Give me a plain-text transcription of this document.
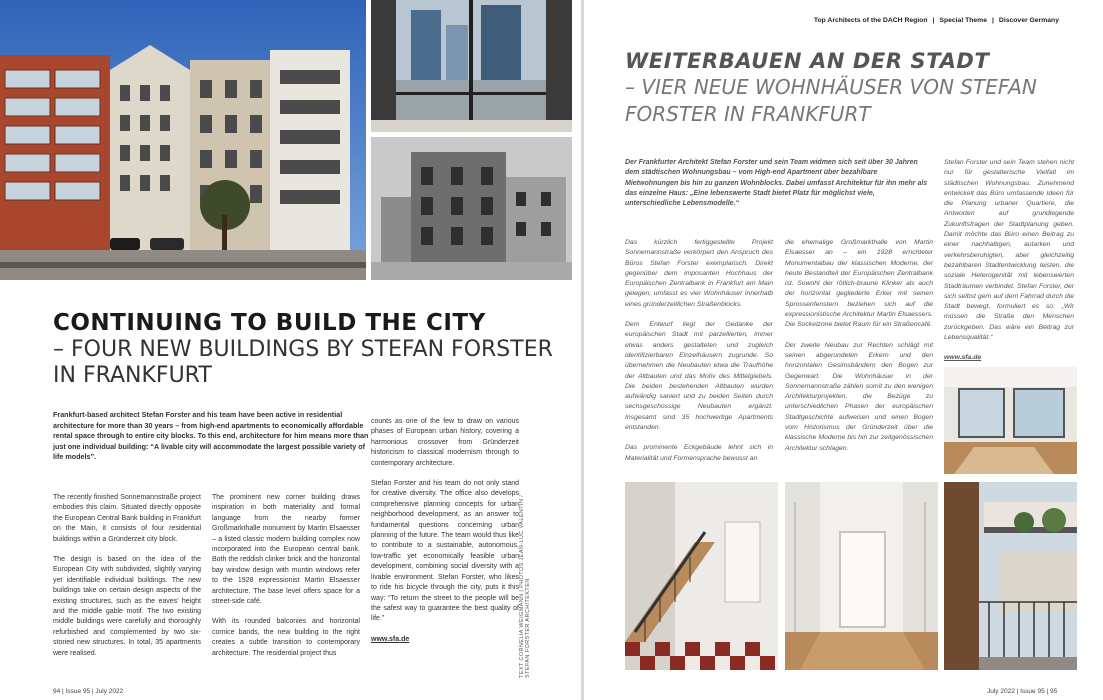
CONTINUING TO BUILD THE CITY
– FOUR NEW BUILDINGS BY STEFAN FORSTER IN FRANKFURT
Frankfurt-based architect Stefan Forster and his team have been active in residential architecture for more than 30 years – from high-end apartments to economically affordable rental space through to entire city blocks. To this end, architecture for him means more than just one individual building: “A livable city will accommodate the largest possible variety of life models”.

The recently finished Sonnemannstraße project embodies this claim. Situated directly opposite the European Central Bank building in Frankfurt on the Main, it consists of four residential buildings within a Gründerzeit city block.

The design is based on the idea of the European City with subdivided, slightly varying yet identifiable individual buildings. The new buildings take on certain design aspects of the existing structures, such as the eaves’ height and the middle gable motif. The two existing middle buildings were carefully and thoroughly refurbished and complemented by two six-storied new structures. In total, 35 apartments were realised.

The prominent new corner building draws inspiration in both materiality and formal language from the nearby former Großmarkthalle monument by Martin Elsaesser – a listed classic modern building complex now incorporated into the European central bank. Both the reddish clinker brick and the horizontal bay window design with muntin windows refer to the 1928 expressionist Martin Elsaesser architecture. The base level offers space for a street-side café.

With its rounded balconies and horizontal cornice bands, the new building to the right creates a subtle transition to contemporary architecture. The residential project thus

counts as one of the few to draw on various phases of European urban history, covering a harmonious crossover from Gründerzeit historicism to classical modernism through to contemporary architecture.

Stefan Forster and his team do not only stand for creative diversity. The office also develops comprehensive planning concepts for urban neighborhood development, as an answer to fundamental questions concerning urban planning of the future. The team would thus like to contribute to a sustainable, autonomous, low-traffic yet economically feasible urban development, combining social diversity with a livable environment. Stefan Forster, who likes to ride his bicycle through the city, puts it this way: “To return the street to the people will be the safest way to guarantee the best quality of life.”

www.sfa.de	TEXT CORNELIA WEIGMANN | PHOTOS JEAN-LUC VALENTIN / STEFAN FORSTER ARCHITEKTEN
94 | Issue 95 | July 2022
Top Architects of the DACH Region | Special Theme | Discover Germany
WEITERBAUEN AN DER STADT
– VIER NEUE WOHNHÄUSER VON STEFAN FORSTER IN FRANKFURT
Der Frankfurter Architekt Stefan Forster und sein Team widmen sich seit über 30 Jahren dem städtischen Wohnungsbau – vom High-end Apartment über bezahlbare Mietwohnungen bis hin zu ganzen Wohnblocks. Dabei umfasst Architektur für ihn mehr als das einzelne Haus: „Eine lebenswerte Stadt bietet Platz für möglichst viele, unterschiedliche Lebensmodelle.“

Das kürzlich fertiggestellte Projekt Sonnemannstraße verkörpert den Anspruch des Büros Stefan Forster exemplarisch. Direkt gegenüber dem imposanten Hochhaus der Europäischen Zentralbank in Frankfurt am Main gelegen, umfasst es vier Wohnhäuser innerhalb eines gründerzeitlichen Straßenblocks.

Dem Entwurf liegt der Gedanke der europäischen Stadt mit parzellierten, immer etwas anders gestalteten und zugleich identifizierbaren Einzelhäusern zugrunde. So übernehmen die Neubauten etwa die Traufhöhe der Altbauten und das Motiv des Mittelgiebels. Die beiden bestehenden Altbauten wurden aufwändig saniert und zu beiden Seiten durch sechsgeschossige Neubauten ergänzt. Insgesamt sind 35 hochwertige Apartments entstanden.

Das prominente Eckgebäude lehnt sich in Materialität und Formensprache bewusst an

die ehemalige Großmarkthalle von Martin Elsaesser an – ein 1928 errichteter Monumentalbau der klassischen Moderne, der heute Bestandteil der Europäischen Zentralbank ist. Sowohl der rötlich-braune Klinker als auch der horizontal gegliederte Erker mit seinen Sprossenfenstern beziehen sich auf die expressionistische Architektur Martin Elsaessers. Die Sockelzone bietet Raum für ein Straßencafé.

Der zweite Neubau zur Rechten schlägt mit seinen abgerundeten Erkern und den horizontalen Gesimsbändern den Bogen zur Gegenwart. Die Wohnhäuser in der Sonnemannstraße zählen somit zu den wenigen Architekturprojekten, die Bezüge zu unterschiedlichen Phasen der europäischen Stadtgeschichte aufweisen und einen Bogen vom Historismus der Gründerzeit über die klassische Moderne bis hin zur zeitgenössischen Architektur schlagen.

Stefan Forster und sein Team stehen nicht nur für gestalterische Vielfalt im städtischen Wohnungsbau. Zunehmend entwickelt das Büro umfassende Ideen für die Planung urbaner Quartiere, die Antworten auf grundlegende Zukunftsfragen der Stadtplanung geben. Damit möchte das Büro einen Beitrag zu einer nachhaltigen, autarken und verkehrsberuhigten, aber gleichzeitig bezahlbaren Stadtentwicklung leisten, die soziale Heterogenität mit lebenswerten Stadträumen verbindet. Stefan Forster, der sich selbst gern auf dem Fahrrad durch die Stadt bewegt, formuliert es so: „Wir müssen die Straße den Menschen zurückgeben. Das wäre ein Beitrag zur Lebensqualität.“

www.sfa.de

July 2022 | Issue 95 | 95
